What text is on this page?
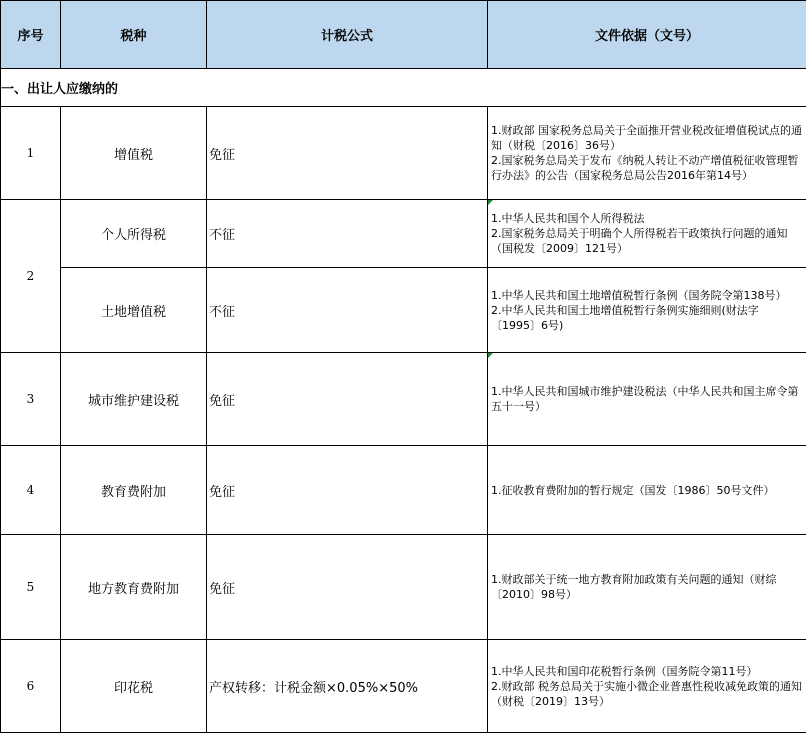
序号	税种	计税公式	文件依据（文号）
一、出让人应缴纳的			
1	增值税	免征	1.财政部 国家税务总局关于全面推开营业税改征增值税试点的通知（财税〔2016〕36号）
2.国家税务总局关于发布《纳税人转让不动产增值税征收管理暂行办法》的公告（国家税务总局公告2016年第14号）

2	个人所得税	不征	1.中华人民共和国个人所得税法
2.国家税务总局关于明确个人所得税若干政策执行问题的通知（国税发〔2009〕121号）

	土地增值税	不征	1.中华人民共和国土地增值税暂行条例（国务院令第138号）
2.中华人民共和国土地增值税暂行条例实施细则(财法字〔1995〕6号)

3	城市维护建设税	免征	1.中华人民共和国城市维护建设税法（中华人民共和国主席令第五十一号）

4	教育费附加	免征	1.征收教育费附加的暂行规定（国发〔1986〕50号文件）

5	地方教育费附加	免征	1.财政部关于统一地方教育附加政策有关问题的通知（财综〔2010〕98号）

6	印花税	产权转移：计税金额×0.05%×50%	1.中华人民共和国印花税暂行条例（国务院令第11号）
2.财政部 税务总局关于实施小微企业普惠性税收减免政策的通知（财税〔2019〕13号）
